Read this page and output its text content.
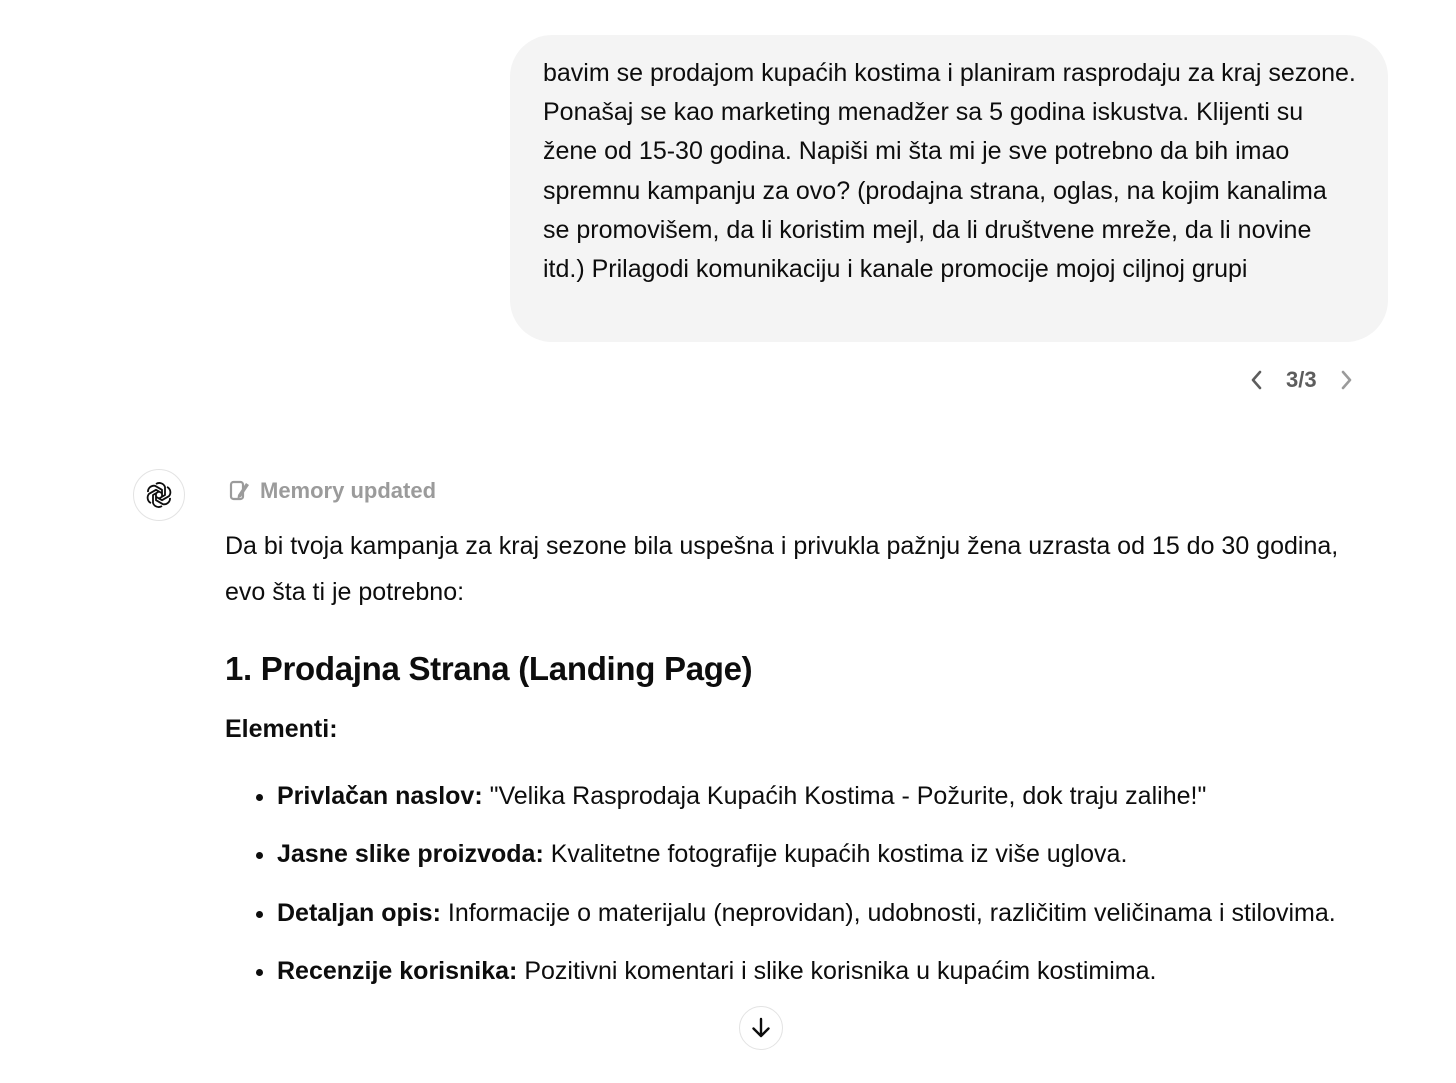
bavim se prodajom kupaćih kostima i planiram rasprodaju za kraj sezone. Ponašaj se kao marketing menadžer sa 5 godina iskustva. Klijenti su žene od 15-30 godina. Napiši mi šta mi je sve potrebno da bih imao spremnu kampanju za ovo? (prodajna strana, oglas, na kojim kanalima se promovišem, da li koristim mejl, da li društvene mreže, da li novine itd.) Prilagodi komunikaciju i kanale promocije mojoj ciljnoj grupi

3/3
Memory updated

Da bi tvoja kampanja za kraj sezone bila uspešna i privukla pažnju žena uzrasta od 15 do 30 godina, evo šta ti je potrebno:

1. Prodajna Strana (Landing Page)

Elementi:

• Privlačan naslov: "Velika Rasprodaja Kupaćih Kostima - Požurite, dok traju zalihe!"
• Jasne slike proizvoda: Kvalitetne fotografije kupaćih kostima iz više uglova.
• Detaljan opis: Informacije o materijalu (neprovidan), udobnosti, različitim veličinama i stilovima.
• Recenzije korisnika: Pozitivni komentari i slike korisnika u kupaćim kostimima.
